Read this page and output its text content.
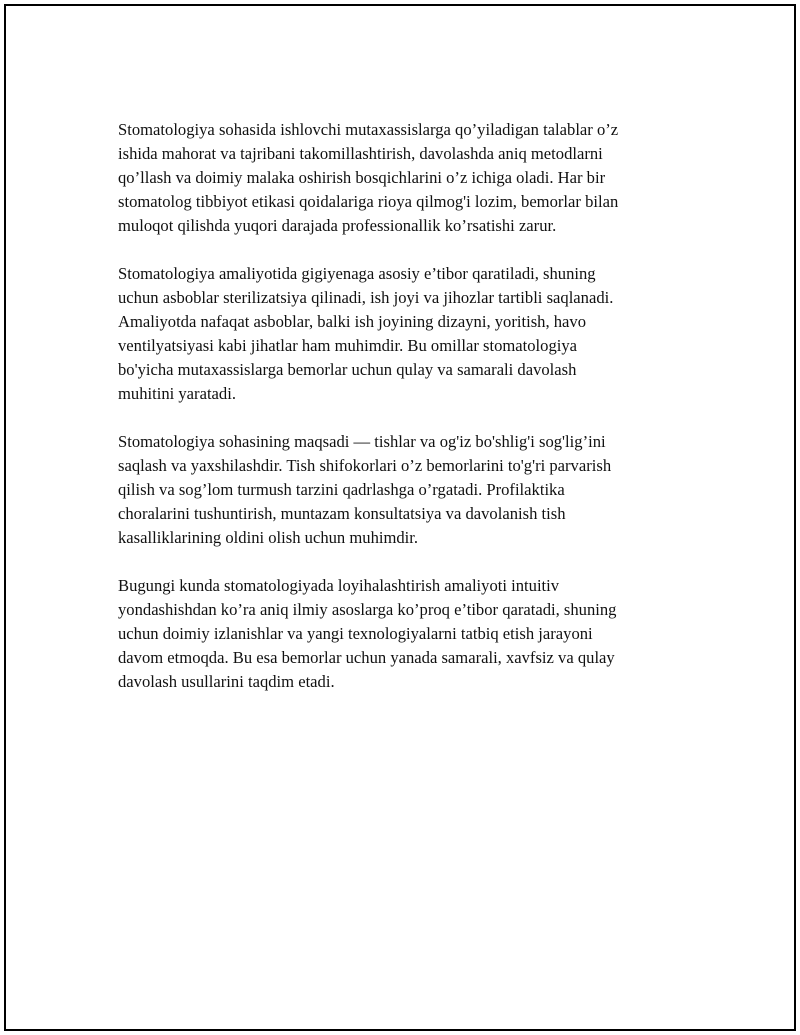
Stomatologiya sohasida ishlovchi mutaxassislarga qo’yiladigan talablar o’z
ishida mahorat va tajribani takomillashtirish, davolashda aniq metodlarni
qo’llash va doimiy malaka oshirish bosqichlarini o’z ichiga oladi. Har bir
stomatolog tibbiyot etikasi qoidalariga rioya qilmog'i lozim, bemorlar bilan
muloqot qilishda yuqori darajada professionallik ko’rsatishi zarur.

Stomatologiya amaliyotida gigiyenaga asosiy e’tibor qaratiladi, shuning
uchun asboblar sterilizatsiya qilinadi, ish joyi va jihozlar tartibli saqlanadi.
Amaliyotda nafaqat asboblar, balki ish joyining dizayni, yoritish, havo
ventilyatsiyasi kabi jihatlar ham muhimdir. Bu omillar stomatologiya
bo'yicha mutaxassislarga bemorlar uchun qulay va samarali davolash
muhitini yaratadi.

Stomatologiya sohasining maqsadi — tishlar va og'iz bo'shlig'i sog'lig’ini
saqlash va yaxshilashdir. Tish shifokorlari o’z bemorlarini to'g'ri parvarish
qilish va sog’lom turmush tarzini qadrlashga o’rgatadi. Profilaktika
choralarini tushuntirish, muntazam konsultatsiya va davolanish tish
kasalliklarining oldini olish uchun muhimdir.

Bugungi kunda stomatologiyada loyihalashtirish amaliyoti intuitiv
yondashishdan ko’ra aniq ilmiy asoslarga ko’proq e’tibor qaratadi, shuning
uchun doimiy izlanishlar va yangi texnologiyalarni tatbiq etish jarayoni
davom etmoqda. Bu esa bemorlar uchun yanada samarali, xavfsiz va qulay
davolash usullarini taqdim etadi.
